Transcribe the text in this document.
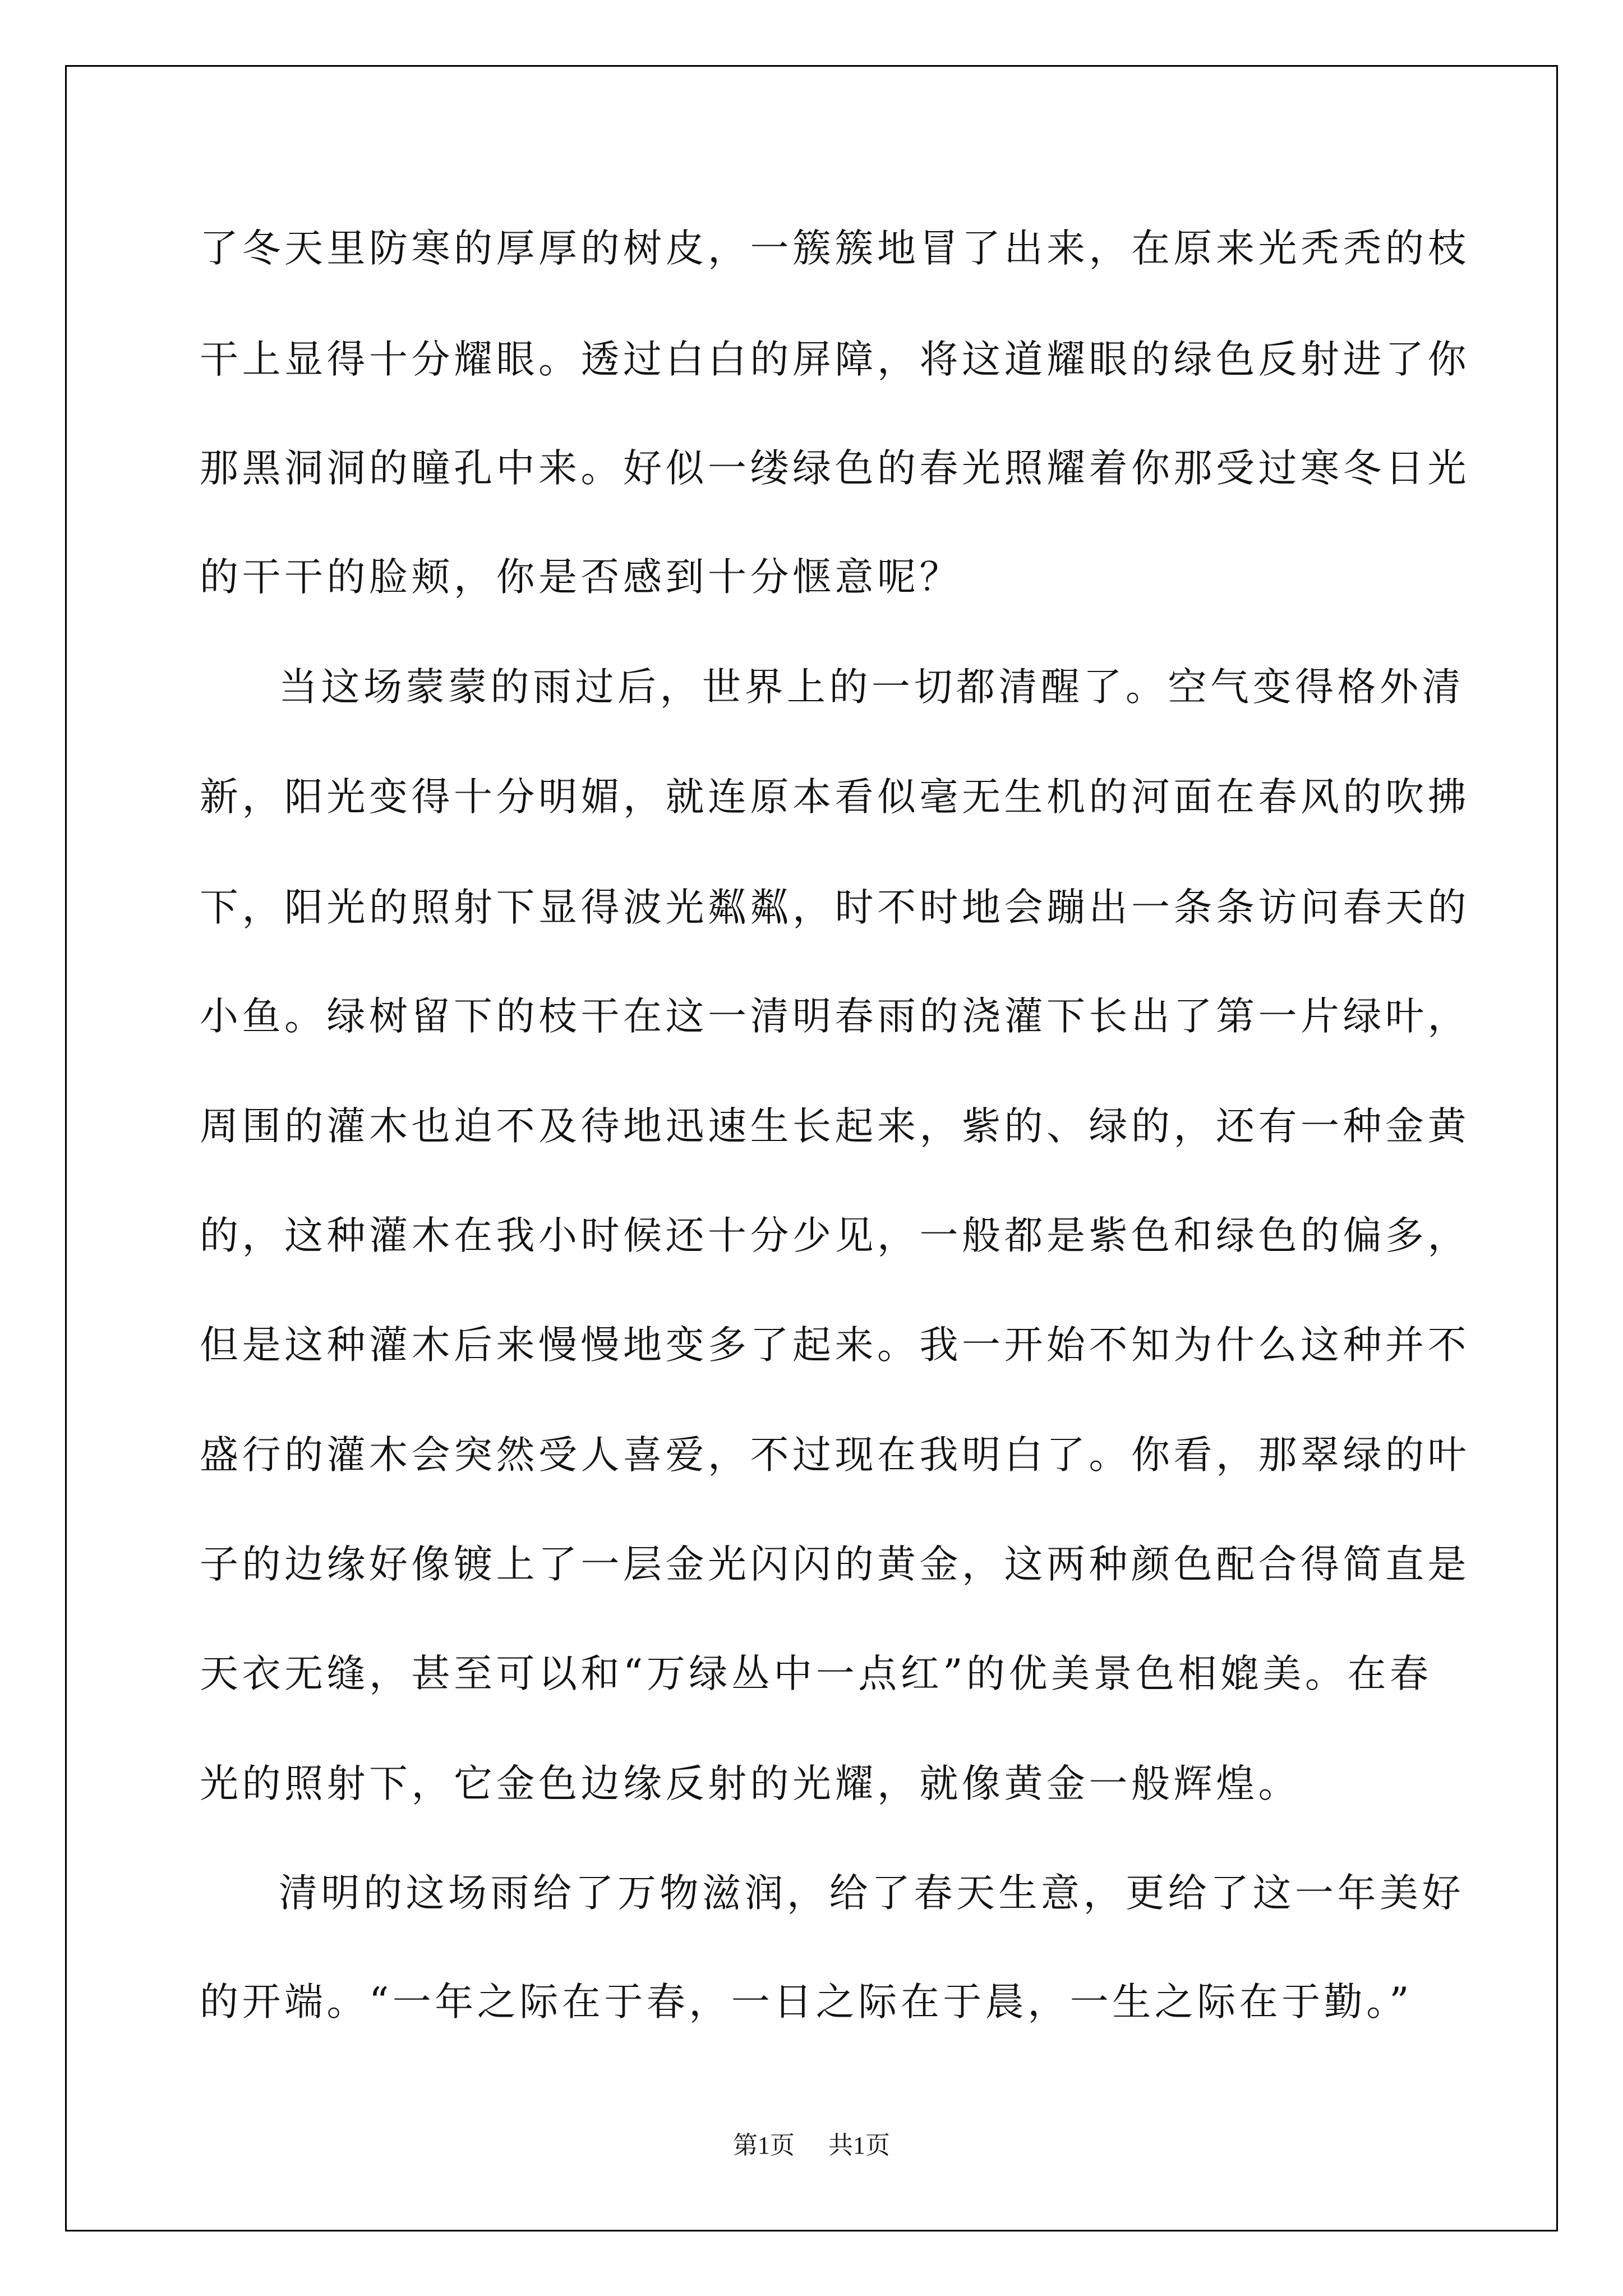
了冬天里防寒的厚厚的树皮，一簇簇地冒了出来，在原来光秃秃的枝
干上显得十分耀眼。透过白白的屏障，将这道耀眼的绿色反射进了你
那黑洞洞的瞳孔中来。好似一缕绿色的春光照耀着你那受过寒冬日光
的干干的脸颊，你是否感到十分惬意呢？
当这场蒙蒙的雨过后，世界上的一切都清醒了。空气变得格外清
新，阳光变得十分明媚，就连原本看似毫无生机的河面在春风的吹拂
下，阳光的照射下显得波光粼粼，时不时地会蹦出一条条访问春天的
小鱼。绿树留下的枝干在这一清明春雨的浇灌下长出了第一片绿叶，
周围的灌木也迫不及待地迅速生长起来，紫的、绿的，还有一种金黄
的，这种灌木在我小时候还十分少见，一般都是紫色和绿色的偏多，
但是这种灌木后来慢慢地变多了起来。我一开始不知为什么这种并不
盛行的灌木会突然受人喜爱，不过现在我明白了。你看，那翠绿的叶
子的边缘好像镀上了一层金光闪闪的黄金，这两种颜色配合得简直是
天衣无缝，甚至可以和“万绿丛中一点红”的优美景色相媲美。在春
光的照射下，它金色边缘反射的光耀，就像黄金一般辉煌。
清明的这场雨给了万物滋润，给了春天生意，更给了这一年美好
的开端。“一年之际在于春，一日之际在于晨，一生之际在于勤。”
第1页 共1页
